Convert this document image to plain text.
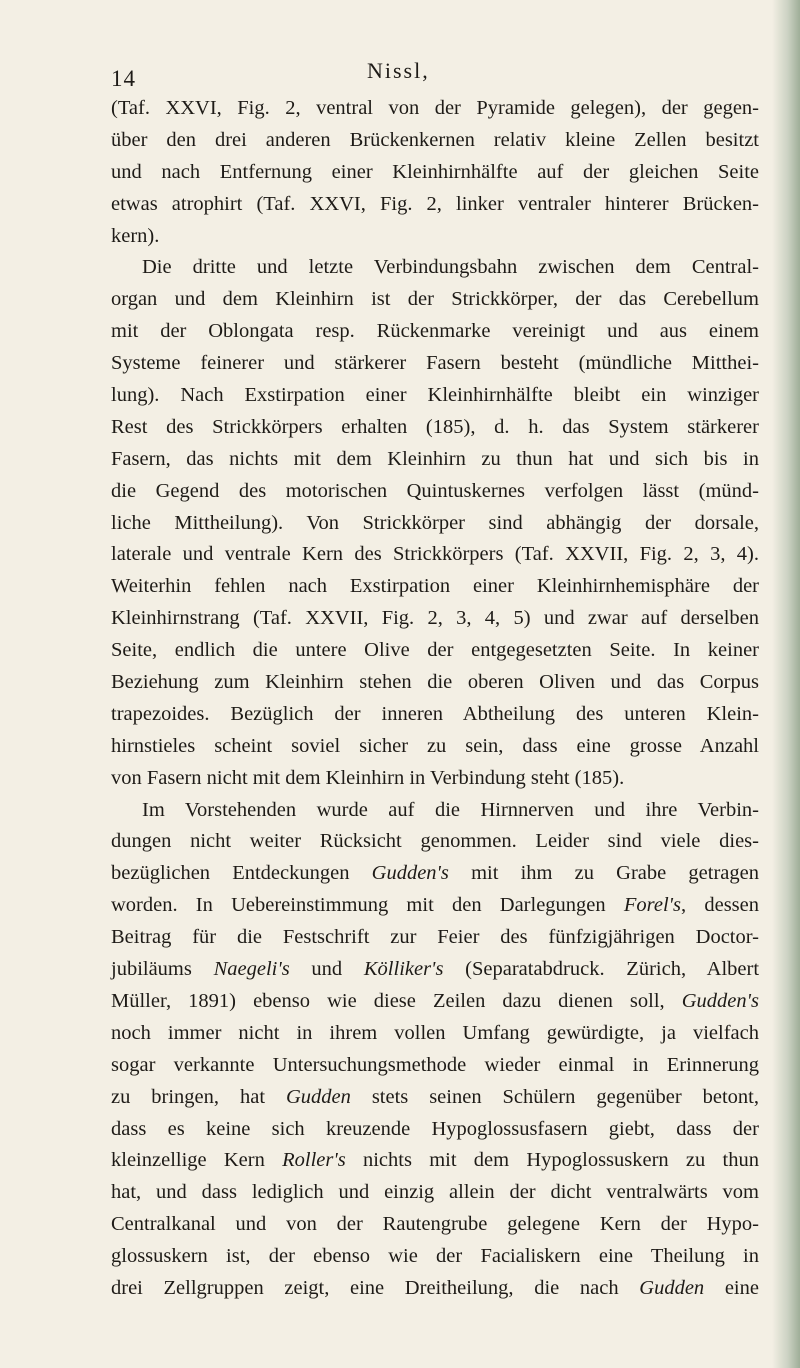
14	Nissl,
(Taf. XXVI, Fig. 2, ventral von der Pyramide gelegen), der gegen-
über den drei anderen Brückenkernen relativ kleine Zellen besitzt
und nach Entfernung einer Kleinhirnhälfte auf der gleichen Seite
etwas atrophirt (Taf. XXVI, Fig. 2, linker ventraler hinterer Brücken-
kern).
Die dritte und letzte Verbindungsbahn zwischen dem Central-
organ und dem Kleinhirn ist der Strickkörper, der das Cerebellum
mit der Oblongata resp. Rückenmarke vereinigt und aus einem
Systeme feinerer und stärkerer Fasern besteht (mündliche Mitthei-
lung). Nach Exstirpation einer Kleinhirnhälfte bleibt ein winziger
Rest des Strickkörpers erhalten (185), d. h. das System stärkerer
Fasern, das nichts mit dem Kleinhirn zu thun hat und sich bis in
die Gegend des motorischen Quintuskernes verfolgen lässt (münd-
liche Mittheilung). Von Strickkörper sind abhängig der dorsale,
laterale und ventrale Kern des Strickkörpers (Taf. XXVII, Fig. 2, 3, 4).
Weiterhin fehlen nach Exstirpation einer Kleinhirnhemisphäre der
Kleinhirnstrang (Taf. XXVII, Fig. 2, 3, 4, 5) und zwar auf derselben
Seite, endlich die untere Olive der entgegesetzten Seite. In keiner
Beziehung zum Kleinhirn stehen die oberen Oliven und das Corpus
trapezoides. Bezüglich der inneren Abtheilung des unteren Klein-
hirnstieles scheint soviel sicher zu sein, dass eine grosse Anzahl
von Fasern nicht mit dem Kleinhirn in Verbindung steht (185).
Im Vorstehenden wurde auf die Hirnnerven und ihre Verbin-
dungen nicht weiter Rücksicht genommen. Leider sind viele dies-
bezüglichen Entdeckungen Gudden's mit ihm zu Grabe getragen
worden. In Uebereinstimmung mit den Darlegungen Forel's, dessen
Beitrag für die Festschrift zur Feier des fünfzigjährigen Doctor-
jubiläums Naegeli's und Kölliker's (Separatabdruck. Zürich, Albert
Müller, 1891) ebenso wie diese Zeilen dazu dienen soll, Gudden's
noch immer nicht in ihrem vollen Umfang gewürdigte, ja vielfach
sogar verkannte Untersuchungsmethode wieder einmal in Erinnerung
zu bringen, hat Gudden stets seinen Schülern gegenüber betont,
dass es keine sich kreuzende Hypoglossusfasern giebt, dass der
kleinzellige Kern Roller's nichts mit dem Hypoglossuskern zu thun
hat, und dass lediglich und einzig allein der dicht ventralwärts vom
Centralkanal und von der Rautengrube gelegene Kern der Hypo-
glossuskern ist, der ebenso wie der Facialiskern eine Theilung in
drei Zellgruppen zeigt, eine Dreitheilung, die nach Gudden eine
